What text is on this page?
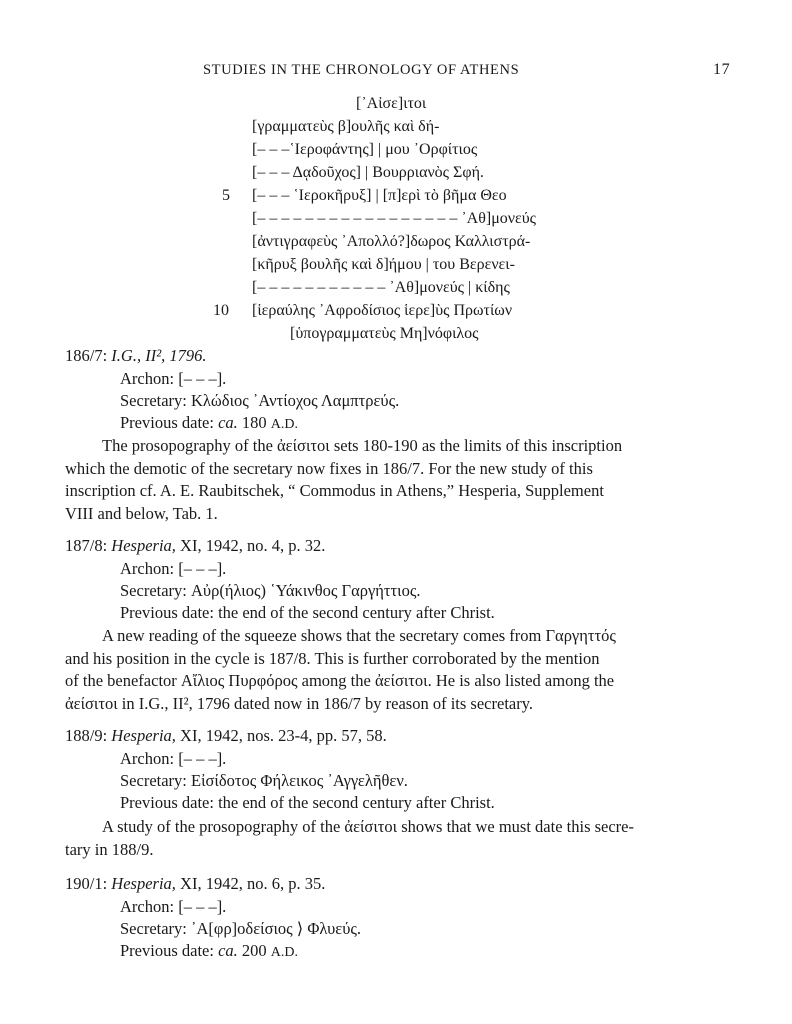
STUDIES IN THE CHRONOLOGY OF ATHENS	17
[᾽Αἰσε]ιτοι
[γραμματεὺς β]ουλῆς καὶ δή-
[– – –῾Ιεροφάντης] | μου ᾽Ορφίτιος
[– – – Δᾳδοῦχος] | Βουρριανὸς Σφή.
5 [– – – ῾Ιεροκῆρυξ] | [π]ερὶ τὸ βῆμα Θεο
[– – – – – – – – – – – – – – – – – ᾽Αθ]μονεύς
[ἀντιγραφεὺς ᾽Απολλό?]δωρος Καλλιστρά-
[κῆρυξ βουλῆς καὶ δ]ήμου | του Βερενει-
[– – – – – – – – – – – ᾽Αθ]μονεύς | κίδης
10 [ἱεραύλης ᾽Αφροδίσιος ἱερε]ὺς Πρωτίων
[ὑπογραμματεὺς Μη]νόφιλος
186/7: I.G., II², 1796.
Archon: [– – –].
Secretary: Κλώδιος ᾽Αντίοχος Λαμπτρεύς.
Previous date: ca. 180 A.D.
The prosopography of the ἀείσιτοι sets 180-190 as the limits of this inscription
which the demotic of the secretary now fixes in 186/7. For the new study of this
inscription cf. A. E. Raubitschek, “ Commodus in Athens,” Hesperia, Supplement
VIII and below, Tab. 1.
187/8: Hesperia, XI, 1942, no. 4, p. 32.
Archon: [– – –].
Secretary: Αὐρ(ήλιος) ῾Υάκινθος Γαργήττιος.
Previous date: the end of the second century after Christ.
A new reading of the squeeze shows that the secretary comes from Γαργηττός
and his position in the cycle is 187/8. This is further corroborated by the mention
of the benefactor Αἴλιος Πυρφόρος among the ἀείσιτοι. He is also listed among the
ἀείσιτοι in I.G., II², 1796 dated now in 186/7 by reason of its secretary.
188/9: Hesperia, XI, 1942, nos. 23-4, pp. 57, 58.
Archon: [– – –].
Secretary: Εἰσίδοτος Φήλεικος ᾽Αγγελῆθεν.
Previous date: the end of the second century after Christ.
A study of the prosopography of the ἀείσιτοι shows that we must date this secre-
tary in 188/9.
190/1: Hesperia, XI, 1942, no. 6, p. 35.
Archon: [– – –].
Secretary: ᾽Α[φρ]οδείσιος ⟩ Φλυεύς.
Previous date: ca. 200 A.D.
